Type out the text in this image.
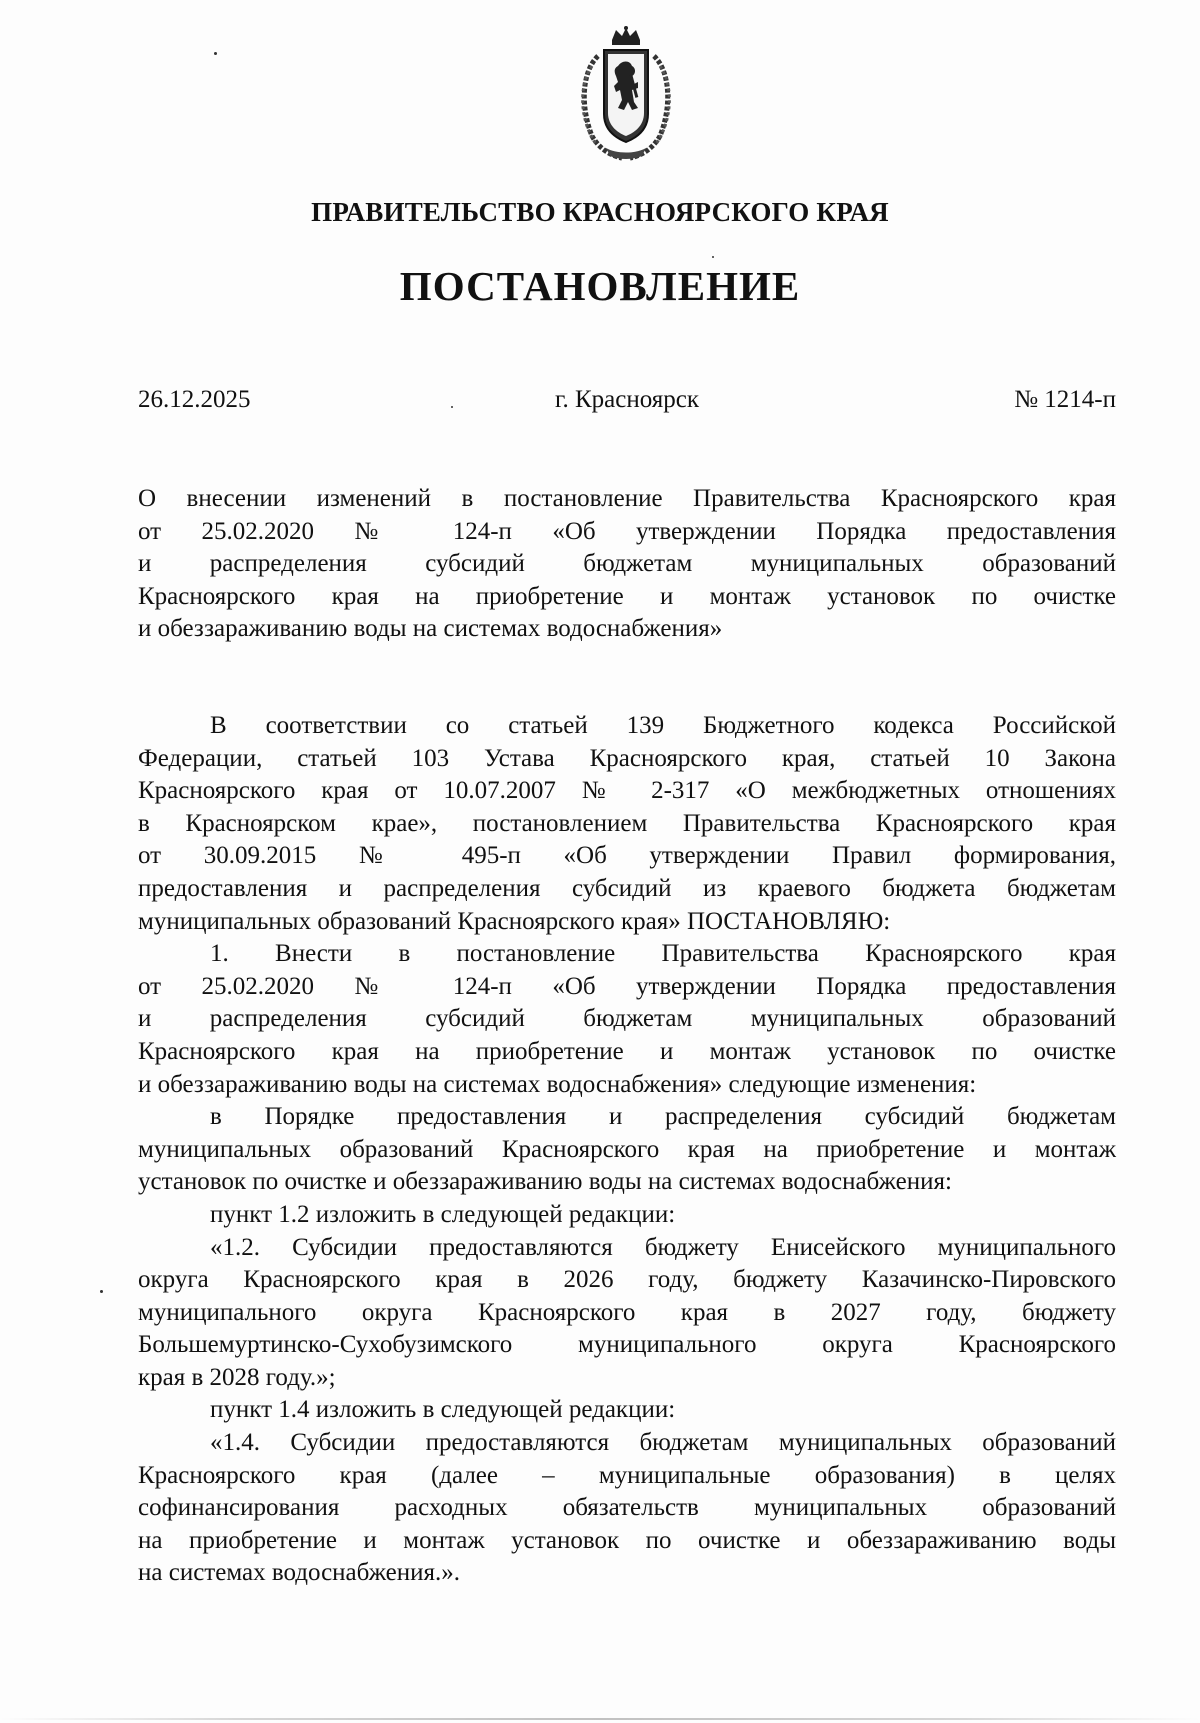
ПРАВИТЕЛЬСТВО КРАСНОЯРСКОГО КРАЯ
ПОСТАНОВЛЕНИЕ
26.12.2025	г. Красноярск	№ 1214-п
О внесении изменений в постановление Правительства Красноярского края
от 25.02.2020 № 124-п «Об утверждении Порядка предоставления
и распределения субсидий бюджетам муниципальных образований
Красноярского края на приобретение и монтаж установок по очистке
и обеззараживанию воды на системах водоснабжения»
В соответствии со статьей 139 Бюджетного кодекса Российской
Федерации, статьей 103 Устава Красноярского края, статьей 10 Закона
Красноярского края от 10.07.2007 № 2-317 «О межбюджетных отношениях
в Красноярском крае», постановлением Правительства Красноярского края
от 30.09.2015 № 495-п «Об утверждении Правил формирования,
предоставления и распределения субсидий из краевого бюджета бюджетам
муниципальных образований Красноярского края» ПОСТАНОВЛЯЮ:
1. Внести в постановление Правительства Красноярского края
от 25.02.2020 № 124-п «Об утверждении Порядка предоставления
и распределения субсидий бюджетам муниципальных образований
Красноярского края на приобретение и монтаж установок по очистке
и обеззараживанию воды на системах водоснабжения» следующие изменения:
в Порядке предоставления и распределения субсидий бюджетам
муниципальных образований Красноярского края на приобретение и монтаж
установок по очистке и обеззараживанию воды на системах водоснабжения:
пункт 1.2 изложить в следующей редакции:
«1.2. Субсидии предоставляются бюджету Енисейского муниципального
округа Красноярского края в 2026 году, бюджету Казачинско-Пировского
муниципального округа Красноярского края в 2027 году, бюджету
Большемуртинско-Сухобузимского муниципального округа Красноярского
края в 2028 году.»;
пункт 1.4 изложить в следующей редакции:
«1.4. Субсидии предоставляются бюджетам муниципальных образований
Красноярского края (далее – муниципальные образования) в целях
софинансирования расходных обязательств муниципальных образований
на приобретение и монтаж установок по очистке и обеззараживанию воды
на системах водоснабжения.».
